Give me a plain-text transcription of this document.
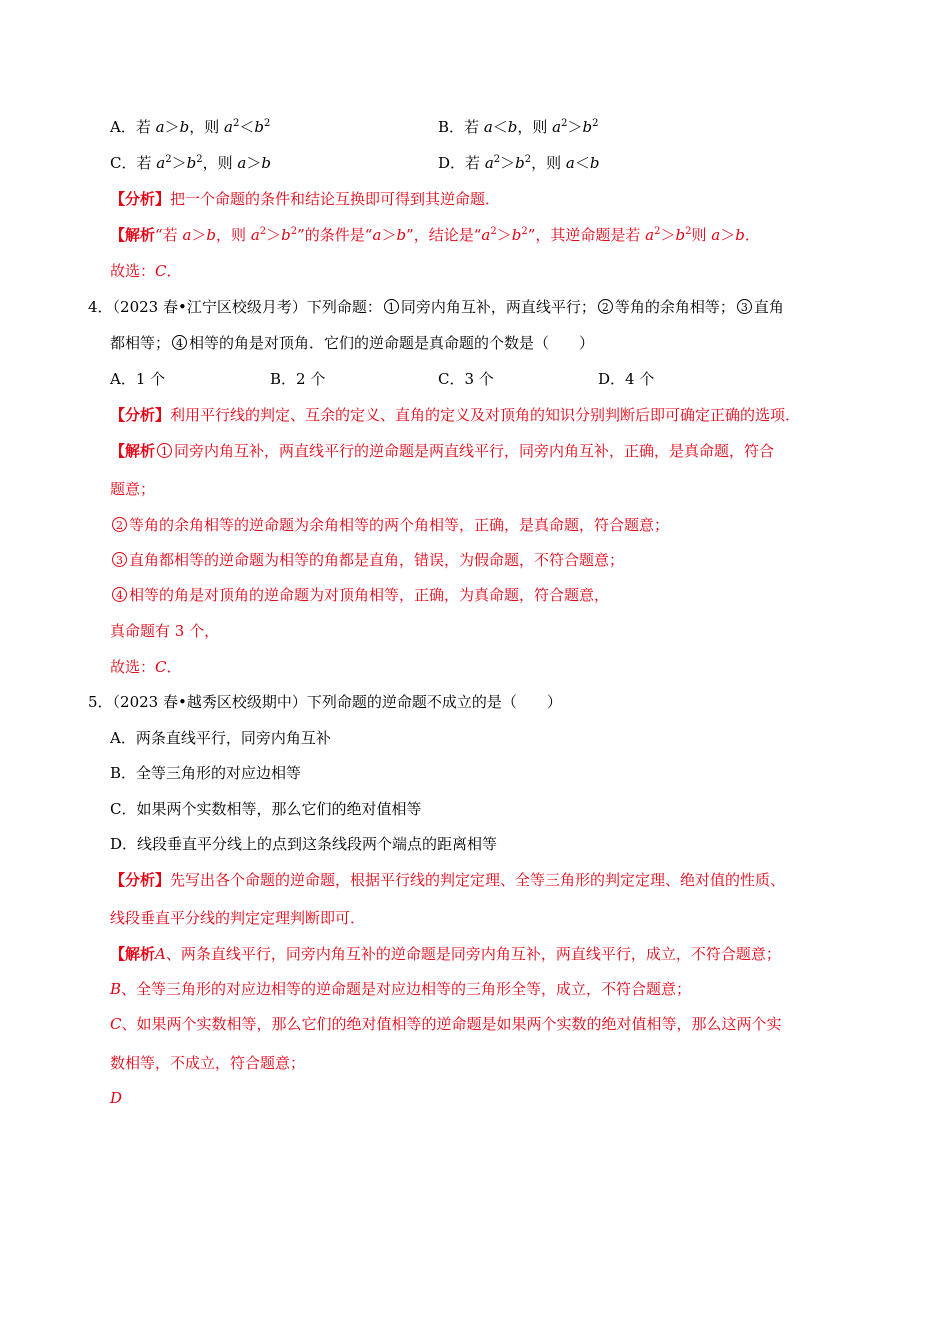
A．若 a＞b，则 $a^2<b^2$	B．若 a＜b，则 $a^2>b^2$
C．若 $a^2>b^2$，则 a＞b	D．若 $a^2>b^2$，则 a＜b
【分析】把一个命题的条件和结论互换即可得到其逆命题．
【解析“若 a＞b，则 $a^2>b^2$”的条件是“a＞b”，结论是“$a^2>b^2$”，其逆命题是若 $a^2>b^2$则 a＞b．
故选：C．
4．（2023 春•江宁区校级月考）下列命题： 1 同旁内角互补，两直线平行； 2 等角的余角相等； 3 直角
都相等； 4 相等的角是对顶角．它们的逆命题是真命题的个数是（　　）
A．1 个	B．2 个	C．3 个	D．4 个
【分析】利用平行线的判定、互余的定义、直角的定义及对顶角的知识分别判断后即可确定正确的选项．
【解析 1 同旁内角互补，两直线平行的逆命题是两直线平行，同旁内角互补，正确，是真命题，符合
题意；
2 等角的余角相等的逆命题为余角相等的两个角相等，正确，是真命题，符合题意；
3 直角都相等的逆命题为相等的角都是直角，错误，为假命题，不符合题意；
4 相等的角是对顶角的逆命题为对顶角相等，正确，为真命题，符合题意，
真命题有 3 个，
故选：C．
5．（2023 春•越秀区校级期中）下列命题的逆命题不成立的是（　　）
A．两条直线平行，同旁内角互补
B．全等三角形的对应边相等
C．如果两个实数相等，那么它们的绝对值相等
D．线段垂直平分线上的点到这条线段两个端点的距离相等
【分析】先写出各个命题的逆命题，根据平行线的判定定理、全等三角形的判定定理、绝对值的性质、
线段垂直平分线的判定定理判断即可．
【解析A、两条直线平行，同旁内角互补的逆命题是同旁内角互补，两直线平行，成立，不符合题意；
B、全等三角形的对应边相等的逆命题是对应边相等的三角形全等，成立，不符合题意；
C、如果两个实数相等，那么它们的绝对值相等的逆命题是如果两个实数的绝对值相等，那么这两个实
数相等，不成立，符合题意；
D
